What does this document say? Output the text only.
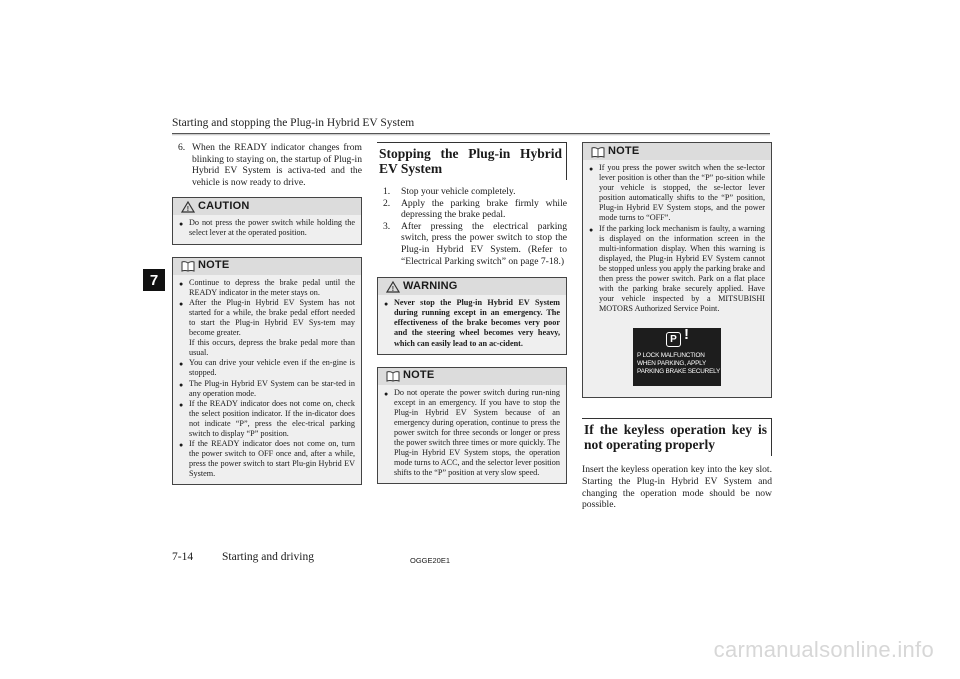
Starting and stopping the Plug-in Hybrid EV System
7
6. When the READY indicator changes from blinking to staying on, the startup of Plug-in Hybrid EV System is activa-ted and the vehicle is now ready to drive.
! CAUTION
● Do not press the power switch while holding the select lever at the operated position.
NOTE
● Continue to depress the brake pedal until the READY indicator in the meter stays on.
● After the Plug-in Hybrid EV System has not started for a while, the brake pedal effort needed to start the Plug-in Hybrid EV Sys-tem may become greater.
If this occurs, depress the brake pedal more than usual.
● You can drive your vehicle even if the en-gine is stopped.
● The Plug-in Hybrid EV System can be star-ted in any operation mode.
● If the READY indicator does not come on, check the select position indicator. If the in-dicator does not indicate “P”, press the elec-trical parking switch to display “P” position.
● If the READY indicator does not come on, turn the power switch to OFF once and, after a while, press the power switch to start Plu-gin Hybrid EV System.
Stopping the Plug-in Hybrid EV System
1.	Stop your vehicle completely.
2.	Apply the parking brake firmly while depressing the brake pedal.
3.	After pressing the electrical parking switch, press the power switch to stop the Plug-in Hybrid EV System. (Refer to “Electrical Parking switch” on page 7-18.)
! WARNING
● Never stop the Plug-in Hybrid EV System during running except in an emergency. The effectiveness of the brake becomes very poor and the steering wheel becomes very heavy, which can easily lead to an ac-cident.
NOTE
● Do not operate the power switch during run-ning except in an emergency. If you have to stop the Plug-in Hybrid EV System because of an emergency during operation, continue to press the power switch for three seconds or longer or press the power switch three times or more quickly. The Plug-in Hybrid EV System stops, the operation mode turns to ACC, and the selector lever position shifts to the “P” position at very slow speed.
NOTE
● If you press the power switch when the se-lector lever position is other than the “P” po-sition while your vehicle is stopped, the se-lector lever position automatically shifts to the “P” position, Plug-in Hybrid EV System stops, and the power mode turns to “OFF”.
● If the parking lock mechanism is faulty, a warning is displayed on the information screen in the multi-information display. When this warning is displayed, the Plug-in Hybrid EV System cannot be stopped unless you apply the parking brake and then press the power switch. Park on a flat place with the parking brake securely applied. Have your vehicle inspected by a MITSUBISHI MOTORS Authorized Service Point.
P !
P LOCK MALFUNCTION
WHEN PARKING, APPLY
PARKING BRAKE SECURELY
If the keyless operation key is not operating properly
Insert the keyless operation key into the key slot. Starting the Plug-in Hybrid EV System and changing the operation mode should be now possible.
7-14	Starting and driving	OGGE20E1
carmanualsonline.info
